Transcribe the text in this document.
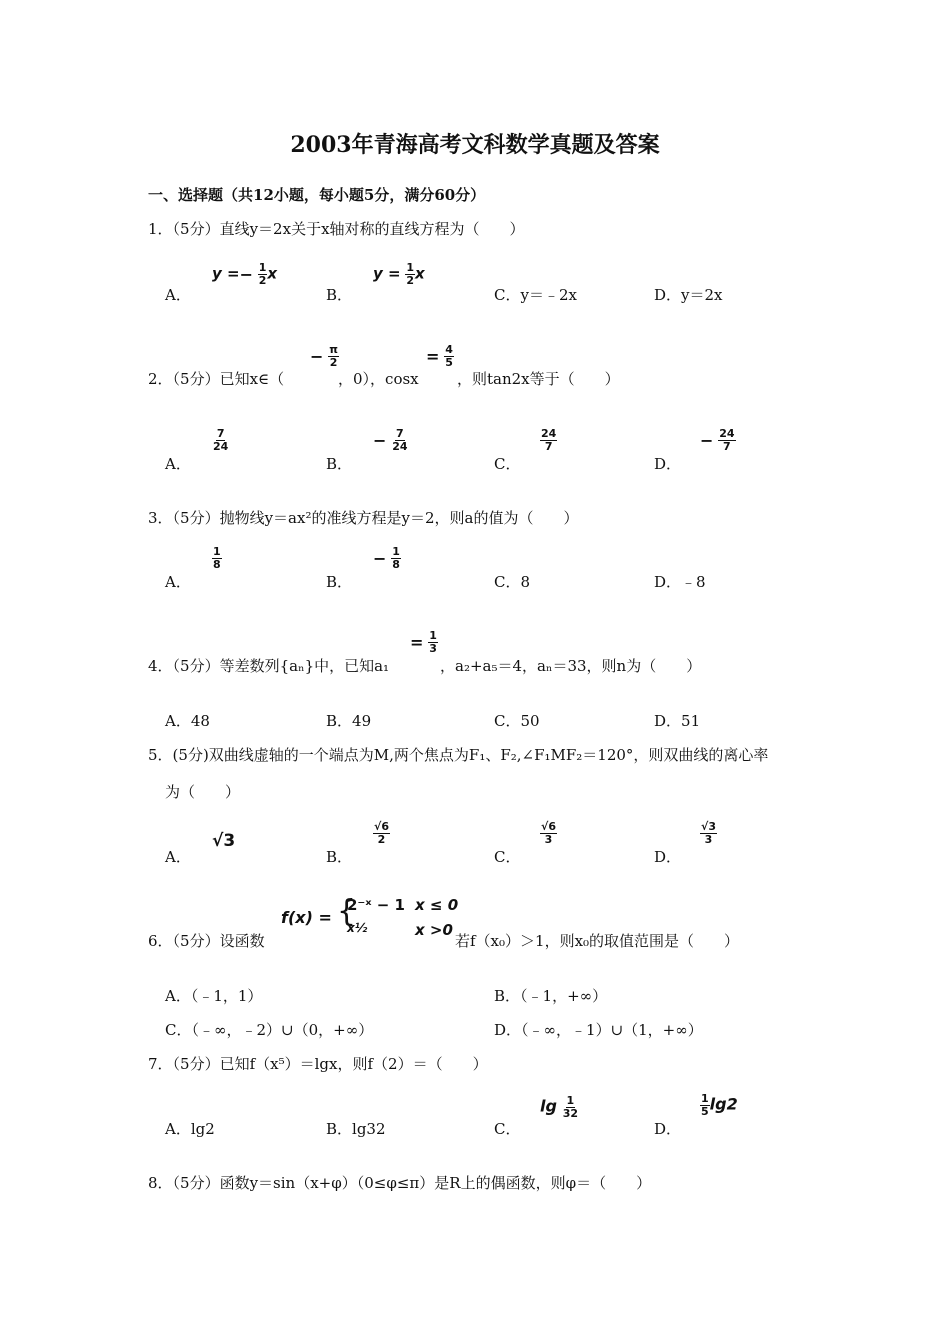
2003年青海高考文科数学真题及答案
一、选择题（共12小题，每小题5分，满分60分）
1．（5分）直线y＝2x关于x轴对称的直线方程为（　　）
A．
$y =- \frac{1}{2}$ x
B．
$y = \frac{1}{2}$ x
C．y＝﹣2x	D．y＝2x
2．（5分）已知x∈（
− $\frac{\pi}{2}$
，0），cosx
= $\frac{4}{5}$
，则tan2x等于（　　）
A．
$\frac{7}{24}$
B．
− $\frac{7}{24}$
C．
$\frac{24}{7}$
D．
− $\frac{24}{7}$
3．（5分）抛物线y＝ax²的准线方程是y＝2，则a的值为（　　）
A．
$\frac{1}{8}$
B．
− $\frac{1}{8}$
C．8	D．﹣8
4．（5分）等差数列{aₙ}中，已知a₁
= $\frac{1}{3}$
，a₂+a₅＝4，aₙ＝33，则n为（　　）
A．48	B．49	C．50	D．51
5．(5分)双曲线虚轴的一个端点为M,两个焦点为F₁、F₂,∠F₁MF₂＝120°，则双曲线的离心率
为（　　）
A．
√3
B．
$\frac{√6}{2}$
C．
$\frac{√6}{3}$
D．
$\frac{√3}{3}$
6．（5分）设函数
f(x) = {
2⁻ˣ − 1 x ≤ 0
x½	x >0
若f（x₀）＞1，则x₀的取值范围是（　　）
A．（﹣1，1）	B．（﹣1，+∞）
C．（﹣∞，﹣2）∪（0，+∞）	D．（﹣∞，﹣1）∪（1，+∞）
7．（5分）已知f（x⁵）＝lgx，则f（2）＝（　　）
A．lg2	B．lg32	C．
$\lg \frac{1}{32}$
D．
$\frac{1}{5} \lg 2$
8．（5分）函数y＝sin（x+φ）（0≤φ≤π）是R上的偶函数，则φ＝（　　）
